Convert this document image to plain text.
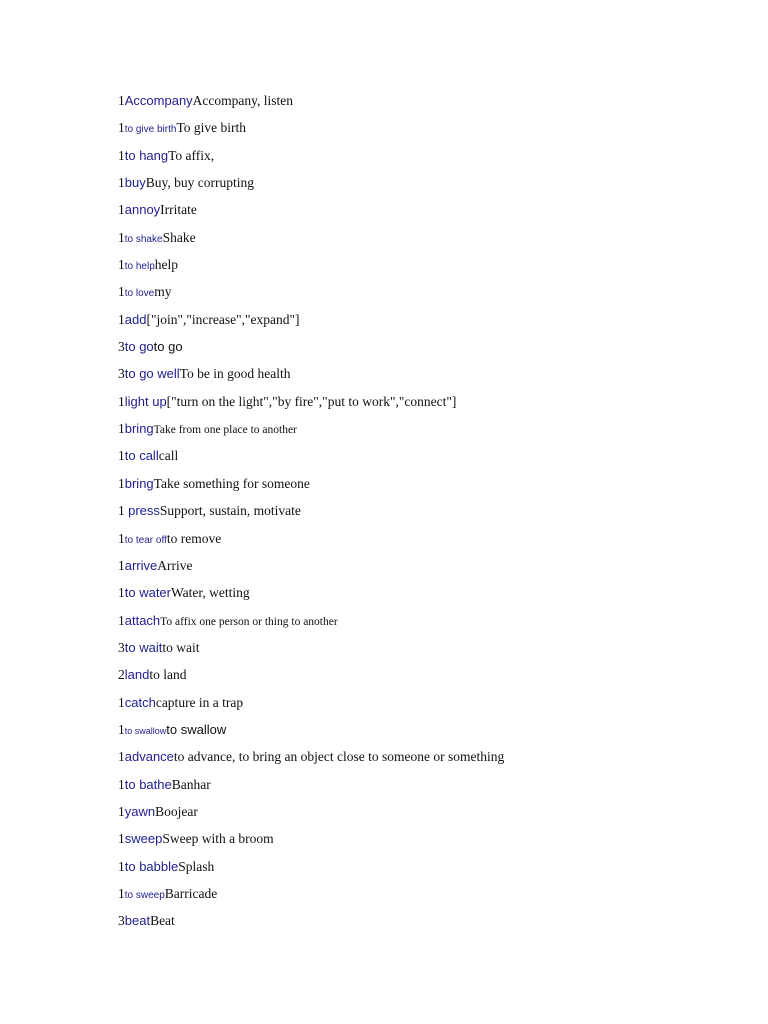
1AccompanyAccompany, listen
1to give birthTo give birth
1to hangTo affix,
1buyBuy, buy corrupting
1annoyIrritate
1to shakeShake
1to helphelp
1to lovemy
1add["join","increase","expand"]
3to goto go
3to go wellTo be in good health
1light up["turn on the light","by fire","put to work","connect"]
1bringTake from one place to another
1to callcall
1bringTake something for someone
1 pressSupport, sustain, motivate
1to tear offto remove
1arriveArrive
1to waterWater, wetting
1attachTo affix one person or thing to another
3to waitto wait
2landto land
1catchcapture in a trap
1to swallowto swallow
1advanceto advance, to bring an object close to someone or something
1to batheBanhar
1yawnBoojear
1sweepSweep with a broom
1to babbleSplash
1to sweepBarricade
3beatBeat
